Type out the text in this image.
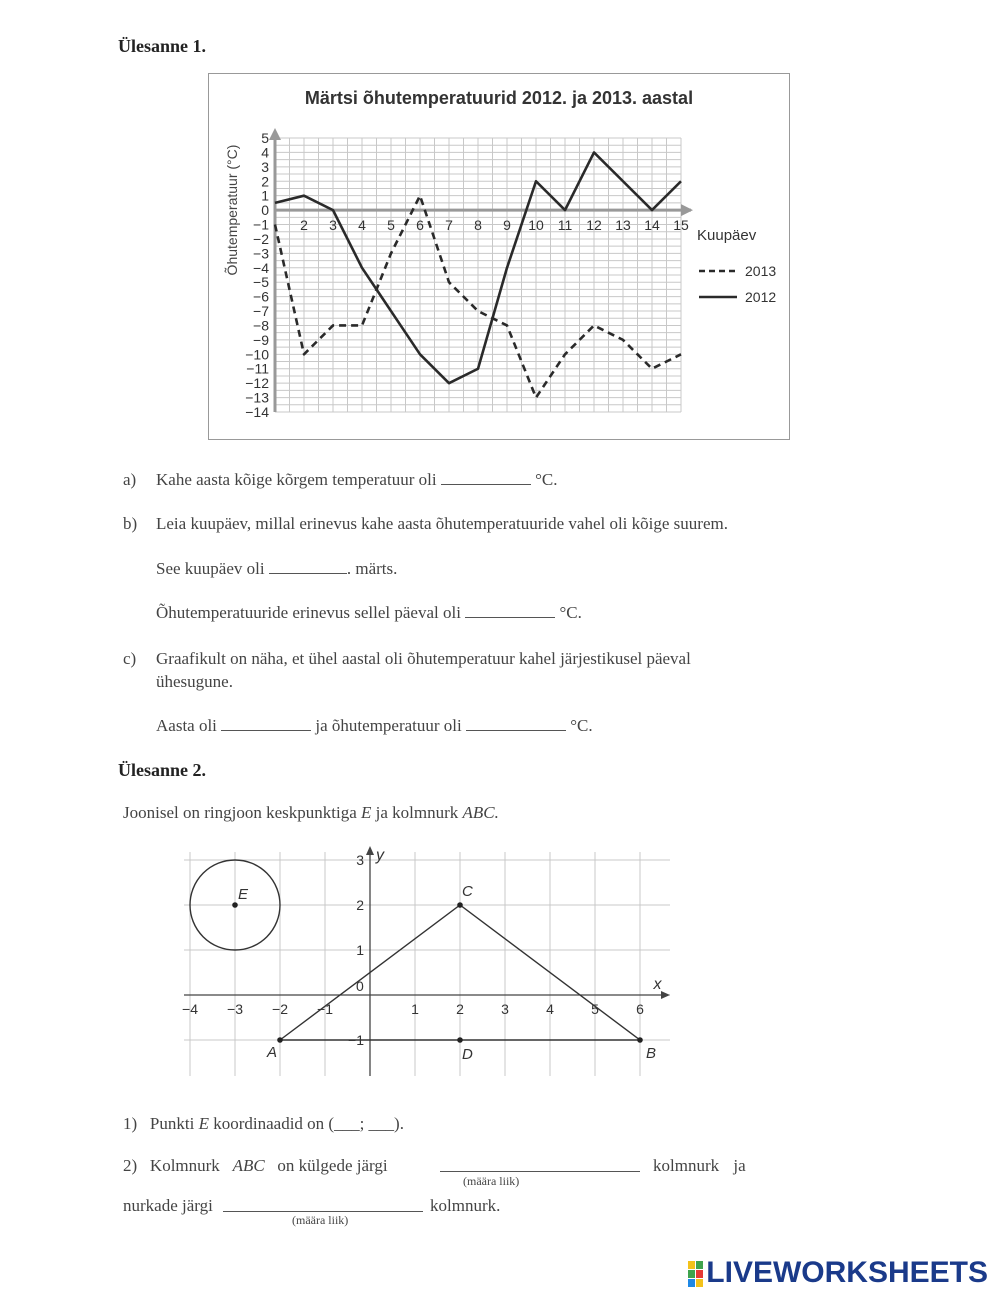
Ülesanne 1.
Märtsi õhutemperatuurid 2012. ja 2013. aastal
5
4
3
2
1
0
−1
−2
−3
−4
−5
−6
−7
−8
−9
−10
−11
−12
−13
−14
2 3 4 5 6 7 8 9 10 11 12 13 14 15
Õhutemperatuur (°C)	Kuupäev
2013
2012
a) Kahe aasta kõige kõrgem temperatuur oli	°C.
b) Leia kuupäev, millal erinevus kahe aasta õhutemperatuuride vahel oli kõige suurem.
See kuupäev oli	. märts.
Õhutemperatuuride erinevus sellel päeval oli	°C.
c) Graafikult on näha, et ühel aastal oli õhutemperatuur kahel järjestikusel päeval
ühesugune.
Aasta oli	ja õhutemperatuur oli	°C.
Ülesanne 2.
Joonisel on ringjoon keskpunktiga E ja kolmnurk ABC.
x
y
0
−4 −3 −2 −1	1	2	3	4	5	6
3
2
1
−1
A	B
C
D
E
1) Punkti E koordinaadid on (___; ___).
2) Kolmnurk ABC on külgede järgi
(määra liik)
kolmnurk ja
nurkade järgi
(määra liik)
kolmnurk.
LIVEWORKSHEETS
